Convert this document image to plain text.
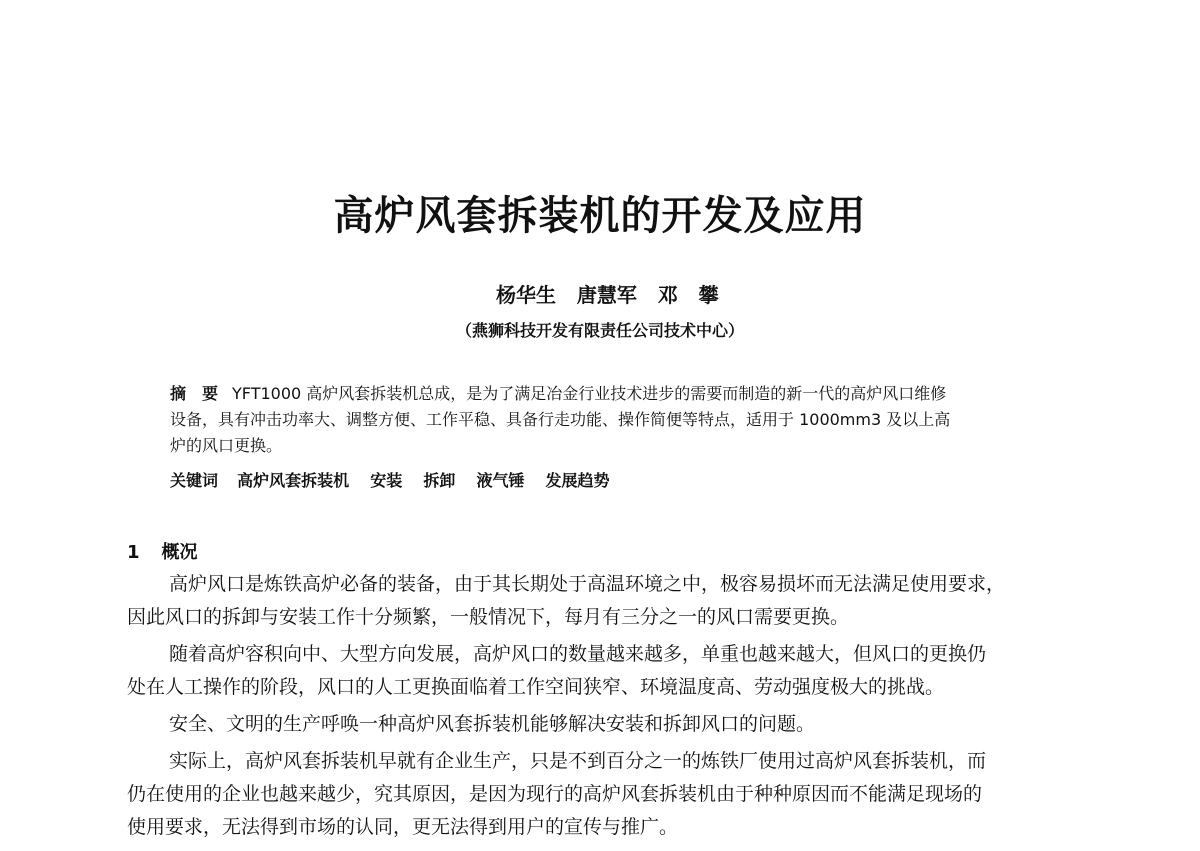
高炉风套拆装机的开发及应用
杨华生   唐慧军   邓   攀
（燕狮科技开发有限责任公司技术中心）
摘　要 YFT1000 高炉风套拆装机总成，是为了满足冶金行业技术进步的需要而制造的新一代的高炉风口维修
设备，具有冲击功率大、调整方便、工作平稳、具备行走功能、操作简便等特点，适用于 1000mm3 及以上高
炉的风口更换。
关键词 高炉风套拆装机 安装 拆卸 液气锤 发展趋势
1 概况
高炉风口是炼铁高炉必备的装备，由于其长期处于高温环境之中，极容易损坏而无法满足使用要求，
因此风口的拆卸与安装工作十分频繁，一般情况下，每月有三分之一的风口需要更换。
随着高炉容积向中、大型方向发展，高炉风口的数量越来越多，单重也越来越大，但风口的更换仍
处在人工操作的阶段，风口的人工更换面临着工作空间狭窄、环境温度高、劳动强度极大的挑战。
安全、文明的生产呼唤一种高炉风套拆装机能够解决安装和拆卸风口的问题。
实际上，高炉风套拆装机早就有企业生产，只是不到百分之一的炼铁厂使用过高炉风套拆装机，而
仍在使用的企业也越来越少，究其原因，是因为现行的高炉风套拆装机由于种种原因而不能满足现场的
使用要求，无法得到市场的认同，更无法得到用户的宣传与推广。
